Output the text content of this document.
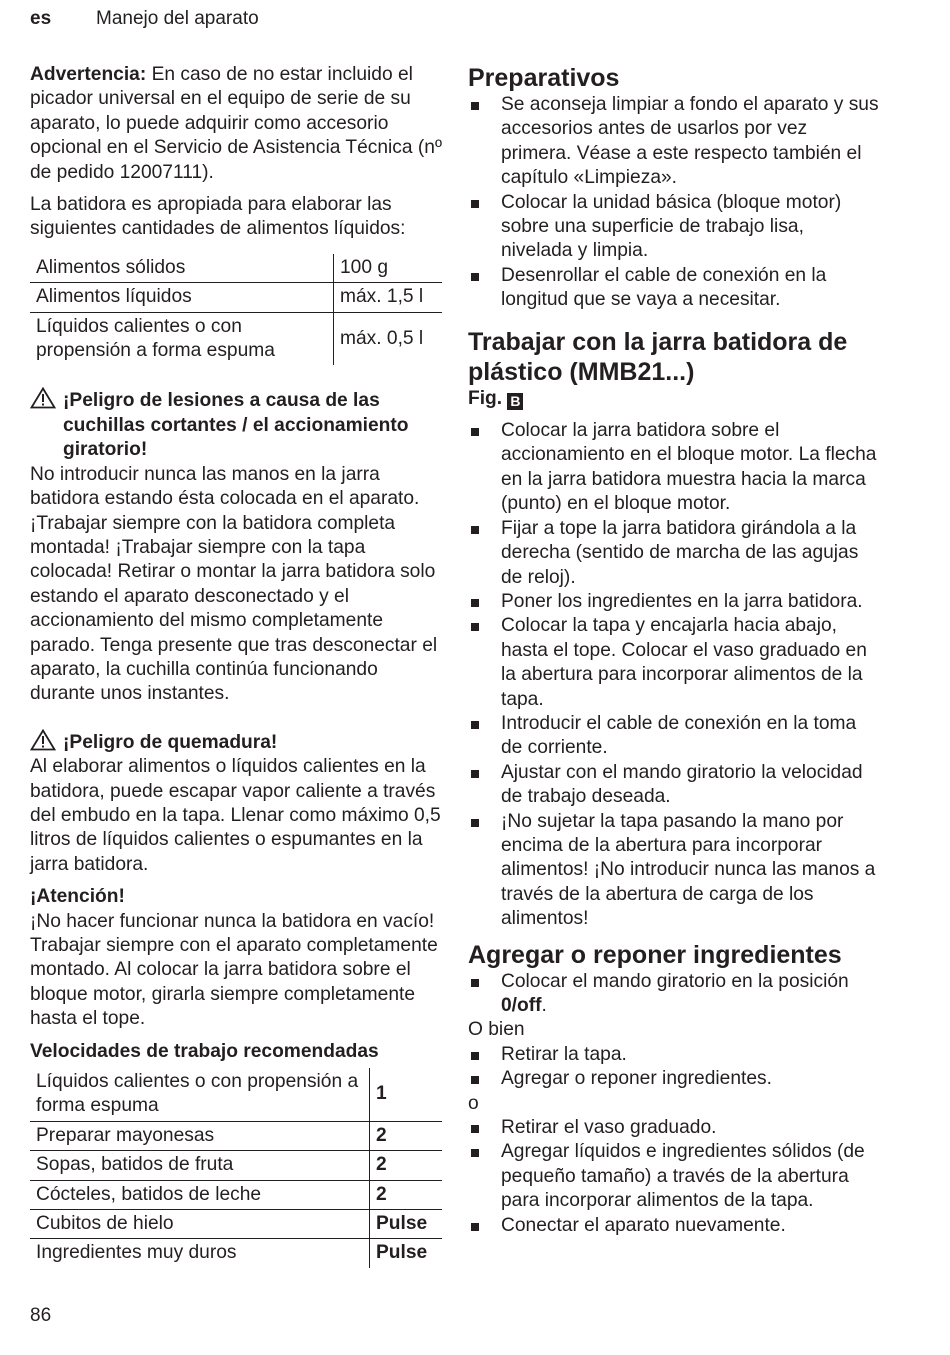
es Manejo del aparato

Advertencia: En caso de no estar incluido el picador universal en el equipo de serie de su aparato, lo puede adquirir como accesorio opcional en el Servicio de Asistencia Técnica (nº de pedido 12007111).

La batidora es apropiada para elaborar las siguientes cantidades de alimentos líquidos:

Alimentos sólidos	100 g
Alimentos líquidos	máx. 1,5 l
Líquidos calientes o con propensión a forma espuma	máx. 0,5 l
¡Peligro de lesiones a causa de las cuchillas cortantes / el accionamiento giratorio!

No introducir nunca las manos en la jarra batidora estando ésta colocada en el aparato. ¡Trabajar siempre con la batidora completa montada! ¡Trabajar siempre con la tapa colocada! Retirar o montar la jarra batidora solo estando el aparato desconectado y el accionamiento del mismo completamente parado. Tenga presente que tras desconectar el aparato, la cuchilla continúa funcionando durante unos instantes.

¡Peligro de quemadura!

Al elaborar alimentos o líquidos calientes en la batidora, puede escapar vapor caliente a través del embudo en la tapa. Llenar como máximo 0,5 litros de líquidos calientes o espumantes en la jarra batidora.

¡Atención!

¡No hacer funcionar nunca la batidora en vacío! Trabajar siempre con el aparato completamente montado. Al colocar la jarra batidora sobre el bloque motor, girarla siempre completamente hasta el tope.

Velocidades de trabajo recomendadas

Líquidos calientes o con propensión a forma espuma	1
Preparar mayonesas	2
Sopas, batidos de fruta	2
Cócteles, batidos de leche	2
Cubitos de hielo	Pulse
Ingredientes muy duros	Pulse
Preparativos
Se aconseja limpiar a fondo el aparato y sus accesorios antes de usarlos por vez primera. Véase a este respecto también el capítulo «Limpieza».
Colocar la unidad básica (bloque motor) sobre una superficie de trabajo lisa, nivelada y limpia.
Desenrollar el cable de conexión en la longitud que se vaya a necesitar.
Trabajar con la jarra batidora de plástico (MMB21...)
Fig. B
Colocar la jarra batidora sobre el accionamiento en el bloque motor. La flecha en la jarra batidora muestra hacia la marca (punto) en el bloque motor.
Fijar a tope la jarra batidora girándola a la derecha (sentido de marcha de las agujas de reloj).
Poner los ingredientes en la jarra batidora.
Colocar la tapa y encajarla hacia abajo, hasta el tope. Colocar el vaso graduado en la abertura para incorporar alimentos de la tapa.
Introducir el cable de conexión en la toma de corriente.
Ajustar con el mando giratorio la velocidad de trabajo deseada.
¡No sujetar la tapa pasando la mano por encima de la abertura para incorporar alimentos! ¡No introducir nunca las manos a través de la abertura de carga de los alimentos!
Agregar o reponer ingredientes
Colocar el mando giratorio en la posición 0/off.

O bien

Retirar la tapa.
Agregar o reponer ingredientes.

o

Retirar el vaso graduado.
Agregar líquidos e ingredientes sólidos (de pequeño tamaño) a través de la abertura para incorporar alimentos de la tapa.
Conectar el aparato nuevamente.
86
